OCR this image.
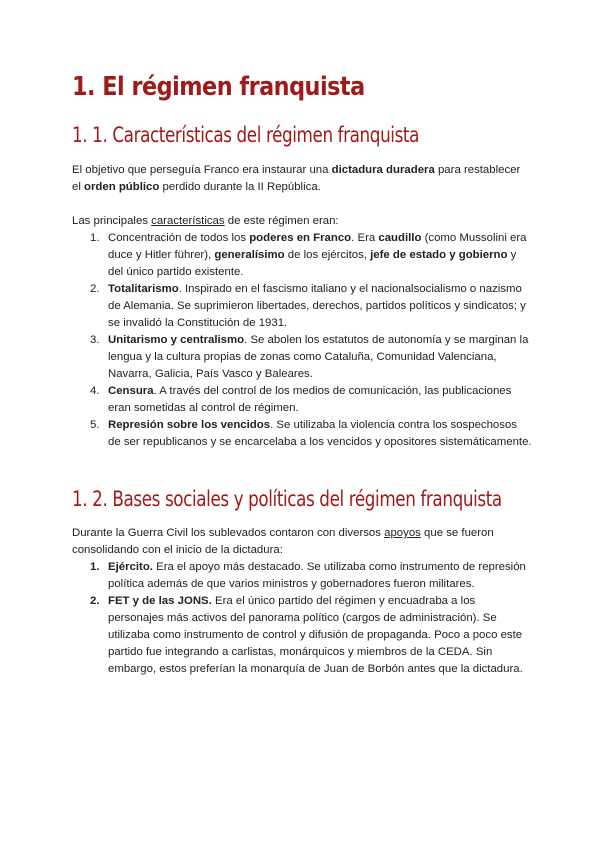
1. El régimen franquista
1. 1. Características del régimen franquista

El objetivo que perseguía Franco era instaurar una dictadura duradera para restablecer el orden público perdido durante la II República.

Las principales características de este régimen eran:

1. Concentración de todos los poderes en Franco. Era caudillo (como Mussolini era duce y Hitler führer), generalísimo de los ejércitos, jefe de estado y gobierno y del único partido existente.
2. Totalitarismo. Inspirado en el fascismo italiano y el nacionalsocialismo o nazismo de Alemania. Se suprimieron libertades, derechos, partidos políticos y sindicatos; y se invalidó la Constitución de 1931.
3. Unitarismo y centralismo. Se abolen los estatutos de autonomía y se marginan la lengua y la cultura propias de zonas como Cataluña, Comunidad Valenciana, Navarra, Galicia, País Vasco y Baleares.
4. Censura. A través del control de los medios de comunicación, las publicaciones eran sometidas al control de régimen.
5. Represión sobre los vencidos. Se utilizaba la violencia contra los sospechosos de ser republicanos y se encarcelaba a los vencidos y opositores sistemáticamente.
1. 2. Bases sociales y políticas del régimen franquista

Durante la Guerra Civil los sublevados contaron con diversos apoyos que se fueron consolidando con el inicio de la dictadura:

1. Ejército. Era el apoyo más destacado. Se utilizaba como instrumento de represión política además de que varios ministros y gobernadores fueron militares.
2. FET y de las JONS. Era el único partido del régimen y encuadraba a los personajes más activos del panorama político (cargos de administración). Se utilizaba como instrumento de control y difusión de propaganda. Poco a poco este partido fue integrando a carlistas, monárquicos y miembros de la CEDA. Sin embargo, estos preferían la monarquía de Juan de Borbón antes que la dictadura.
